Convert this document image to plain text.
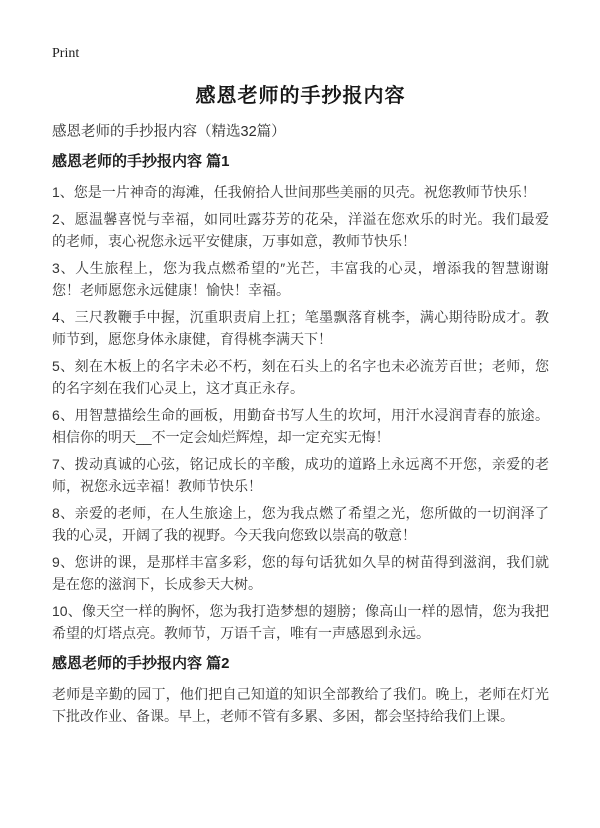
Print
感恩老师的手抄报内容
感恩老师的手抄报内容（精选32篇）
感恩老师的手抄报内容 篇1

1、您是一片神奇的海滩，任我俯拾人世间那些美丽的贝壳。祝您教师节快乐！

2、愿温馨喜悦与幸福，如同吐露芬芳的花朵，洋溢在您欢乐的时光。我们最爱的老师，衷心祝您永远平安健康，万事如意，教师节快乐！

3、人生旅程上，您为我点燃希望的″光芒，丰富我的心灵，增添我的智慧谢谢您！老师愿您永远健康！愉快！幸福。

4、三尺教鞭手中握，沉重职责肩上扛；笔墨飘落育桃李，满心期待盼成才。教师节到，愿您身体永康健，育得桃李满天下！

5、刻在木板上的名字未必不朽，刻在石头上的名字也未必流芳百世；老师，您的名字刻在我们心灵上，这才真正永存。

6、用智慧描绘生命的画板，用勤奋书写人生的坎坷，用汗水浸润青春的旅途。相信你的明天__不一定会灿烂辉煌，却一定充实无悔！

7、拨动真诚的心弦，铭记成长的辛酸，成功的道路上永远离不开您，亲爱的老师，祝您永远幸福！教师节快乐！

8、亲爱的老师，在人生旅途上，您为我点燃了希望之光，您所做的一切润泽了我的心灵，开阔了我的视野。今天我向您致以崇高的敬意！

9、您讲的课，是那样丰富多彩，您的每句话犹如久旱的树苗得到滋润，我们就是在您的滋润下，长成参天大树。

10、像天空一样的胸怀，您为我打造梦想的翅膀；像高山一样的恩情，您为我把希望的灯塔点亮。教师节，万语千言，唯有一声感恩到永远。

感恩老师的手抄报内容 篇2

老师是辛勤的园丁，他们把自己知道的知识全部教给了我们。晚上，老师在灯光下批改作业、备课。早上，老师不管有多累、多困，都会坚持给我们上课。
